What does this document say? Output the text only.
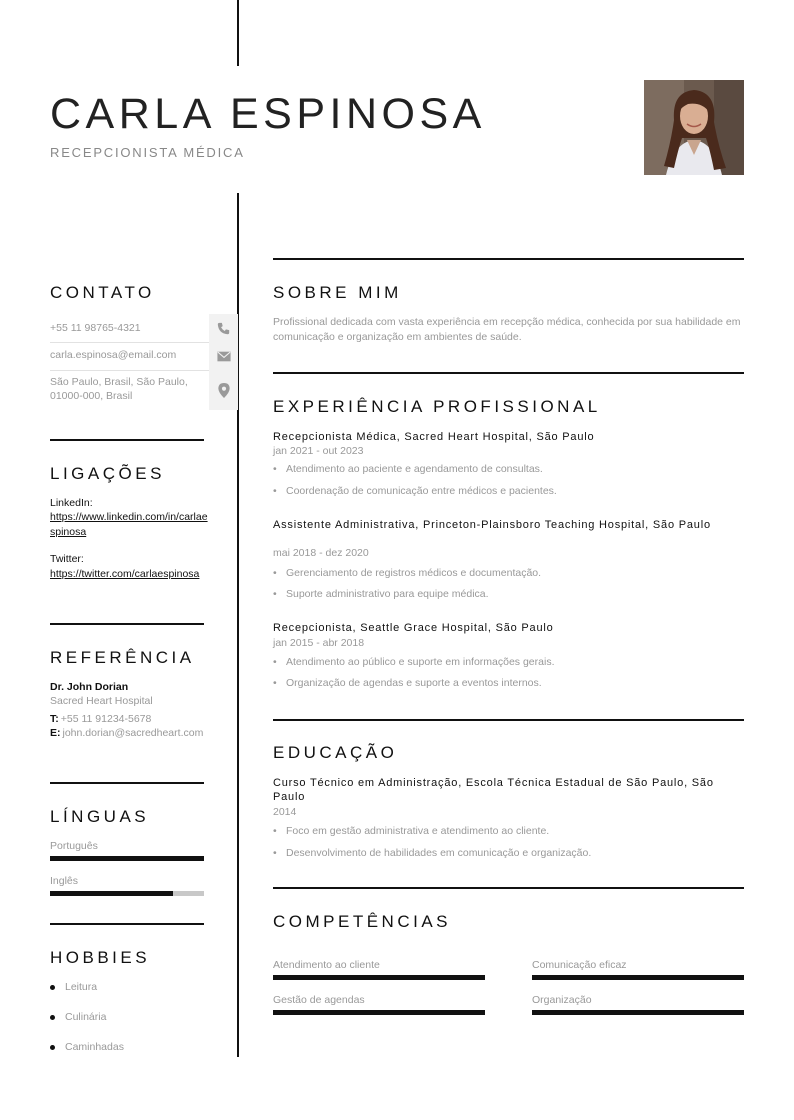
CARLA ESPINOSA
RECEPCIONISTA MÉDICA
CONTATO
+55 11 98765-4321
carla.espinosa@email.com
São Paulo, Brasil, São Paulo, 01000-000, Brasil
LIGAÇÕES
LinkedIn:
https://www.linkedin.com/in/carlaespinosa
Twitter:
https://twitter.com/carlaespinosa
REFERÊNCIA
Dr. John Dorian
Sacred Heart Hospital
T: +55 11 91234-5678
E: john.dorian@sacredheart.com
LÍNGUAS
Português
Inglês
HOBBIES
Leitura
Culinária
Caminhadas
SOBRE MIM
Profissional dedicada com vasta experiência em recepção médica, conhecida por sua habilidade em comunicação e organização em ambientes de saúde.
EXPERIÊNCIA PROFISSIONAL
Recepcionista Médica, Sacred Heart Hospital, São Paulo
jan 2021 - out 2023
• Atendimento ao paciente e agendamento de consultas.
• Coordenação de comunicação entre médicos e pacientes.
Assistente Administrativa, Princeton-Plainsboro Teaching Hospital, São Paulo
mai 2018 - dez 2020
• Gerenciamento de registros médicos e documentação.
• Suporte administrativo para equipe médica.
Recepcionista, Seattle Grace Hospital, São Paulo
jan 2015 - abr 2018
• Atendimento ao público e suporte em informações gerais.
• Organização de agendas e suporte a eventos internos.
EDUCAÇÃO
Curso Técnico em Administração, Escola Técnica Estadual de São Paulo, São Paulo
2014
• Foco em gestão administrativa e atendimento ao cliente.
• Desenvolvimento de habilidades em comunicação e organização.
COMPETÊNCIAS
Atendimento ao cliente	Comunicação eficaz
Gestão de agendas	Organização
